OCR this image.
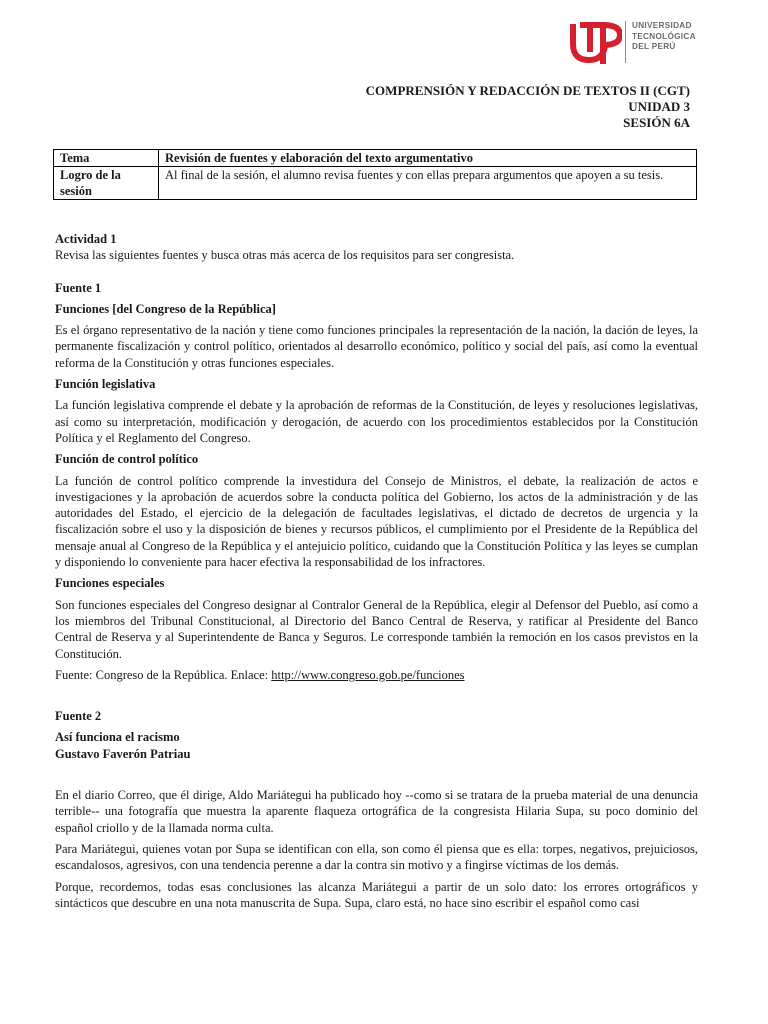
UNIVERSIDAD
TECNOLÓGICA
DEL PERÚ
COMPRENSIÓN Y REDACCIÓN DE TEXTOS II (CGT)
UNIDAD 3
SESIÓN 6A
Tema	Revisión de fuentes y elaboración del texto argumentativo
Logro de la sesión	Al final de la sesión, el alumno revisa fuentes y con ellas prepara argumentos que apoyen a su tesis.

Actividad 1

Revisa las siguientes fuentes y busca otras más acerca de los requisitos para ser congresista.

Fuente 1

Funciones [del Congreso de la República]

Es el órgano representativo de la nación y tiene como funciones principales la representación de la nación, la dación de leyes, la permanente fiscalización y control político, orientados al desarrollo económico, político y social del país, así como la eventual reforma de la Constitución y otras funciones especiales.

Función legislativa

La función legislativa comprende el debate y la aprobación de reformas de la Constitución, de leyes y resoluciones legislativas, así como su interpretación, modificación y derogación, de acuerdo con los procedimientos establecidos por la Constitución Política y el Reglamento del Congreso.

Función de control político

La función de control político comprende la investidura del Consejo de Ministros, el debate, la realización de actos e investigaciones y la aprobación de acuerdos sobre la conducta política del Gobierno, los actos de la administración y de las autoridades del Estado, el ejercicio de la delegación de facultades legislativas, el dictado de decretos de urgencia y la fiscalización sobre el uso y la disposición de bienes y recursos públicos, el cumplimiento por el Presidente de la República del mensaje anual al Congreso de la República y el antejuicio político, cuidando que la Constitución Política y las leyes se cumplan y disponiendo lo conveniente para hacer efectiva la responsabilidad de los infractores.

Funciones especiales

Son funciones especiales del Congreso designar al Contralor General de la República, elegir al Defensor del Pueblo, así como a los miembros del Tribunal Constitucional, al Directorio del Banco Central de Reserva, y ratificar al Presidente del Banco Central de Reserva y al Superintendente de Banca y Seguros. Le corresponde también la remoción en los casos previstos en la Constitución.

Fuente: Congreso de la República. Enlace: http://www.congreso.gob.pe/funciones

Fuente 2

Así funciona el racismo

Gustavo Faverón Patriau

En el diario Correo, que él dirige, Aldo Mariátegui ha publicado hoy --como si se tratara de la prueba material de una denuncia terrible-- una fotografía que muestra la aparente flaqueza ortográfica de la congresista Hilaria Supa, su poco dominio del español criollo y de la llamada norma culta.

Para Mariátegui, quienes votan por Supa se identifican con ella, son como él piensa que es ella: torpes, negativos, prejuiciosos, escandalosos, agresivos, con una tendencia perenne a dar la contra sin motivo y a fingirse víctimas de los demás.

Porque, recordemos, todas esas conclusiones las alcanza Mariátegui a partir de un solo dato: los errores ortográficos y sintácticos que descubre en una nota manuscrita de Supa. Supa, claro está, no hace sino escribir el español como casi
